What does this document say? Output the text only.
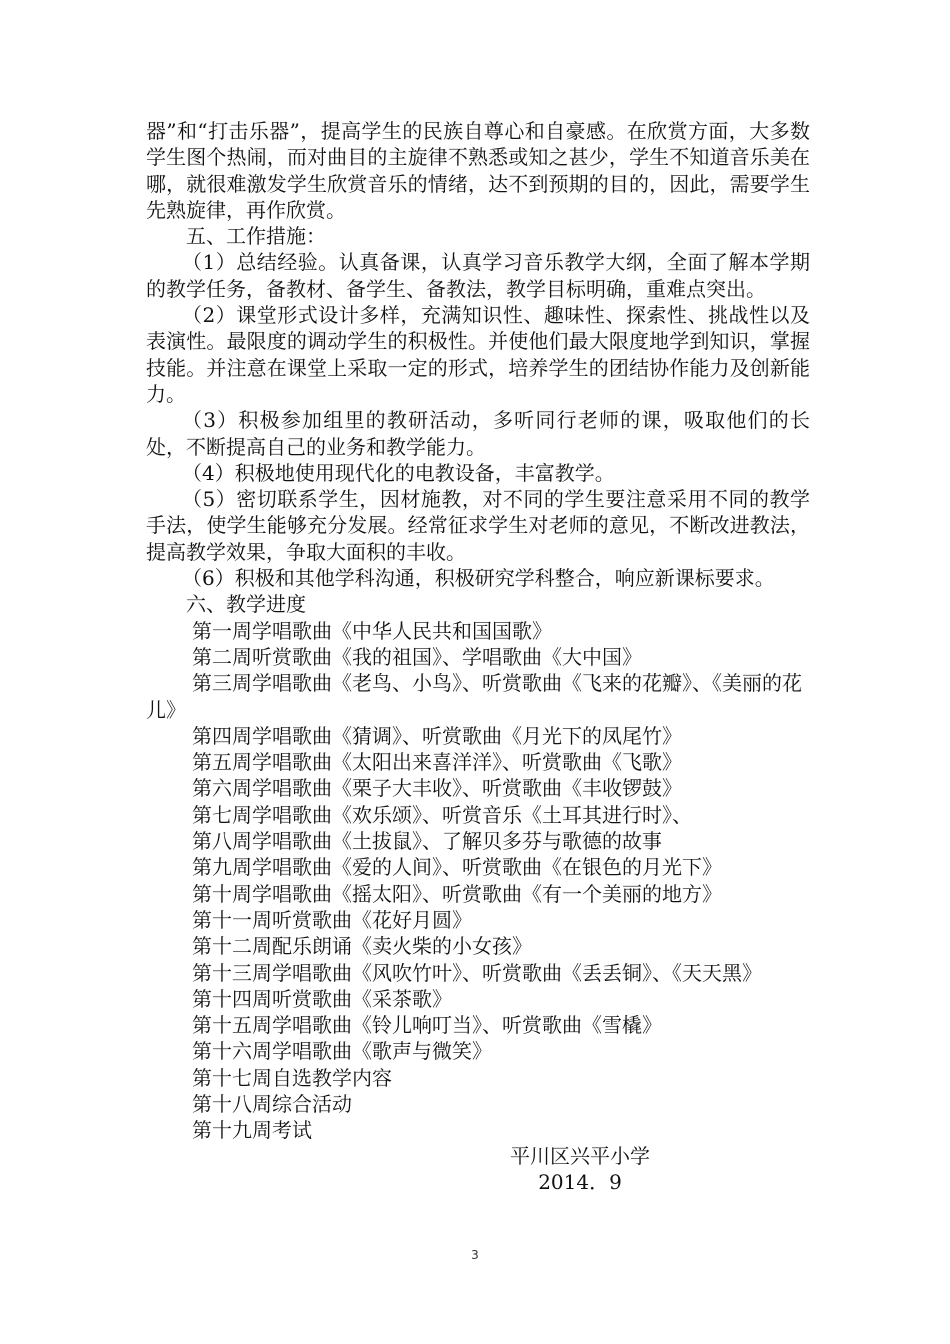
器”和“打击乐器”，提高学生的民族自尊心和自豪感。在欣赏方面，大多数学生图个热闹，而对曲目的主旋律不熟悉或知之甚少，学生不知道音乐美在哪，就很难激发学生欣赏音乐的情绪，达不到预期的目的，因此，需要学生先熟旋律，再作欣赏。

五、工作措施：

（1）总结经验。认真备课，认真学习音乐教学大纲，全面了解本学期的教学任务，备教材、备学生、备教法，教学目标明确，重难点突出。

（2）课堂形式设计多样，充满知识性、趣味性、探索性、挑战性以及表演性。最限度的调动学生的积极性。并使他们最大限度地学到知识，掌握技能。并注意在课堂上采取一定的形式，培养学生的团结协作能力及创新能力。

（3）积极参加组里的教研活动，多听同行老师的课，吸取他们的长处，不断提高自己的业务和教学能力。

（4）积极地使用现代化的电教设备，丰富教学。

（5）密切联系学生，因材施教，对不同的学生要注意采用不同的教学手法，使学生能够充分发展。经常征求学生对老师的意见，不断改进教法，提高教学效果，争取大面积的丰收。

（6）积极和其他学科沟通，积极研究学科整合，响应新课标要求。

六、教学进度

第一周学唱歌曲《中华人民共和国国歌》

第二周听赏歌曲《我的祖国》、学唱歌曲《大中国》

第三周学唱歌曲《老鸟、小鸟》、听赏歌曲《飞来的花瓣》、《美丽的花儿》

第四周学唱歌曲《猜调》、听赏歌曲《月光下的凤尾竹》

第五周学唱歌曲《太阳出来喜洋洋》、听赏歌曲《飞歌》

第六周学唱歌曲《栗子大丰收》、听赏歌曲《丰收锣鼓》

第七周学唱歌曲《欢乐颂》、听赏音乐《土耳其进行时》、

第八周学唱歌曲《土拔鼠》、了解贝多芬与歌德的故事

第九周学唱歌曲《爱的人间》、听赏歌曲《在银色的月光下》

第十周学唱歌曲《摇太阳》、听赏歌曲《有一个美丽的地方》

第十一周听赏歌曲《花好月圆》

第十二周配乐朗诵《卖火柴的小女孩》

第十三周学唱歌曲《风吹竹叶》、听赏歌曲《丢丢铜》、《天天黑》

第十四周听赏歌曲《采茶歌》

第十五周学唱歌曲《铃儿响叮当》、听赏歌曲《雪橇》

第十六周学唱歌曲《歌声与微笑》

第十七周自选教学内容

第十八周综合活动

第十九周考试

平川区兴平小学
2014．9
3
